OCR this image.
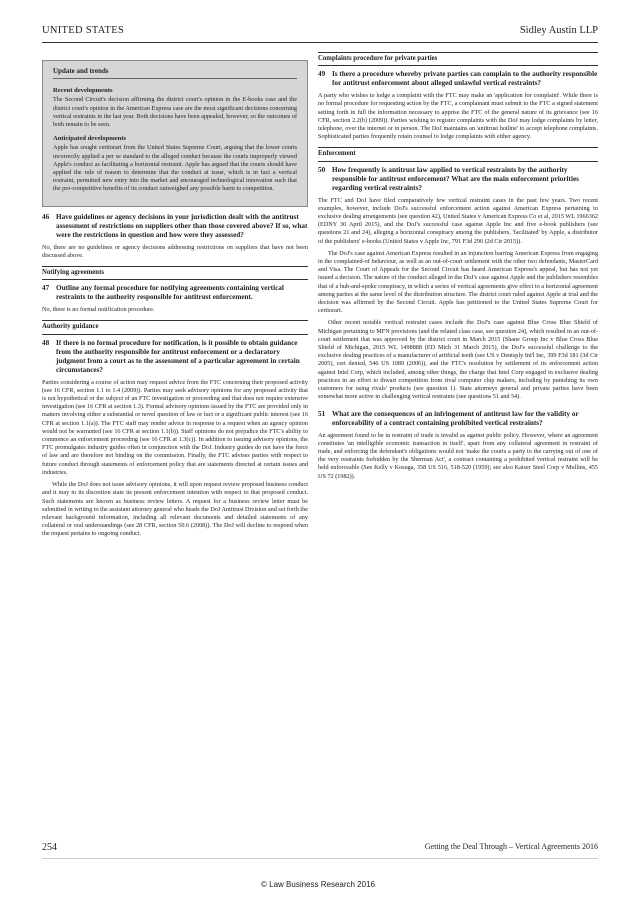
UNITED STATES	Sidley Austin LLP
Update and trends
Recent developments

The Second Circuit's decision affirming the district court's opinion in the E-books case and the district court's opinion in the American Express case are the most significant decisions concerning vertical restraints in the last year. Both decisions have been appealed, however, so the outcomes of both remain to be seen.

Anticipated developments

Apple has sought certiorari from the United States Supreme Court, arguing that the lower courts incorrectly applied a per se standard to the alleged conduct because the courts improperly viewed Apple's conduct as facilitating a horizontal restraint. Apple has argued that the courts should have applied the rule of reason to determine that the conduct at issue, which is in fact a vertical restraint, permitted new entry into the market and encouraged technological innovation such that the pro-competitive benefits of its conduct outweighed any possible harm to competition.

46 Have guidelines or agency decisions in your jurisdiction dealt with the antitrust assessment of restrictions on suppliers other than those covered above? If so, what were the restrictions in question and how were they assessed?

No, there are no guidelines or agency decisions addressing restrictions on suppliers that have not been discussed above.

Notifying agreements
47 Outline any formal procedure for notifying agreements containing vertical restraints to the authority responsible for antitrust enforcement.

No, there is no formal notification procedure.

Authority guidance
48 If there is no formal procedure for notification, is it possible to obtain guidance from the authority responsible for antitrust enforcement or a declaratory judgment from a court as to the assessment of a particular agreement in certain circumstances?

Parties considering a course of action may request advice from the FTC concerning their proposed activity (see 16 CFR, section 1.1 to 1.4 (2009)). Parties may seek advisory opinions for any proposed activity that is not hypothetical or the subject of an FTC investigation or proceeding and that does not require extensive investigation (see 16 CFR at section 1.3). Formal advisory opinions issued by the FTC are provided only in matters involving either a substantial or novel question of law or fact or a significant public interest (see 16 CFR at section 1.1(a)). The FTC staff may render advice in response to a request when an agency opinion would not be warranted (see 16 CFR at section 1.1(b)). Staff opinions do not prejudice the FTC's ability to commence an enforcement proceeding (see 16 CFR at 1.3(c)). In addition to issuing advisory opinions, the FTC promulgates industry guides often in conjunction with the DoJ. Industry guides do not have the force of law and are therefore not binding on the commission. Finally, the FTC advises parties with respect to future conduct through statements of enforcement policy that are statements directed at certain issues and industries.

While the DoJ does not issue advisory opinions, it will upon request review proposed business conduct and it may in its discretion state its present enforcement intention with respect to that proposed conduct. Such statements are known as business review letters. A request for a business review letter must be submitted in writing to the assistant attorney general who heads the DoJ Antitrust Division and set forth the relevant background information, including all relevant documents and detailed statements of any collateral or oral understandings (see 28 CFR, section 50.6 (2008)). The DoJ will decline to respond when the request pertains to ongoing conduct.

Complaints procedure for private parties
49 Is there a procedure whereby private parties can complain to the authority responsible for antitrust enforcement about alleged unlawful vertical restraints?

A party who wishes to lodge a complaint with the FTC may make an 'application for complaint'. While there is no formal procedure for requesting action by the FTC, a complainant must submit to the FTC a signed statement setting forth in full the information necessary to apprise the FTC of the general nature of its grievance (see 16 CFR, section 2.2(b) (2009)). Parties wishing to register complaints with the DoJ may lodge complaints by letter, telephone, over the internet or in person. The DoJ maintains an 'antitrust hotline' to accept telephone complaints. Sophisticated parties frequently retain counsel to lodge complaints with either agency.

Enforcement
50 How frequently is antitrust law applied to vertical restraints by the authority responsible for antitrust enforcement? What are the main enforcement priorities regarding vertical restraints?

The FTC and DoJ have filed comparatively few vertical restraint cases in the past few years. Two recent examples, however, include DoJ's successful enforcement action against American Express pertaining to exclusive dealing arrangements (see question 42), United States v American Express Co et al, 2015 WL 1966362 (EDNY 30 April 2015), and the DoJ's successful case against Apple Inc and five e-book publishers (see questions 21 and 24), alleging a horizontal conspiracy among the publishers, 'facilitated' by Apple, a distributor of the publishers' e-books (United States v Apple Inc, 791 F3d 290 (2d Cir 2015)).

The DoJ's case against American Express resulted in an injunction barring American Express from engaging in the complained-of behaviour, as well as an out-of-court settlement with the other two defendants, MasterCard and Visa. The Court of Appeals for the Second Circuit has heard American Express's appeal, but has not yet issued a decision. The nature of the conduct alleged in the DoJ's case against Apple and the publishers resembles that of a hub-and-spoke conspiracy, in which a series of vertical agreements give effect to a horizontal agreement among parties at the same level of the distribution structure. The district court ruled against Apple at trial and the decision was affirmed by the Second Circuit. Apple has petitioned to the United States Supreme Court for certiorari.

Other recent notable vertical restraint cases include the DoJ's case against Blue Cross Blue Shield of Michigan pertaining to MFN provisions (and the related class case, see question 24), which resulted in an out-of-court settlement that was approved by the district court in March 2015 (Shane Group Inc v Blue Cross Blue Shield of Michigan, 2015 WL 1498888 (ED Mich 31 March 2015), the DoJ's successful challenge to the exclusive dealing practices of a manufacturer of artificial teeth (see US v Dentsply Int'l Inc, 399 F3d 181 (3d Cir 2005), cert denied, 546 US 1089 (2006)), and the FTC's resolution by settlement of its enforcement action against Intel Corp, which included, among other things, the charge that Intel Corp engaged in exclusive dealing practices in an effort to thwart competition from rival computer chip makers, including by punishing its own customers for using rivals' products (see question 1). State attorneys general and private parties have been somewhat more active in challenging vertical restraints (see questions 51 and 54).

51 What are the consequences of an infringement of antitrust law for the validity or enforceability of a contract containing prohibited vertical restraints?

An agreement found to be in restraint of trade is invalid as against public policy. However, where an agreement constitutes 'an intelligible economic transaction in itself', apart from any collateral agreement in restraint of trade, and enforcing the defendant's obligations would not 'make the courts a party to the carrying out of one of the very restraints forbidden by the Sherman Act', a contract containing a prohibited vertical restraint will be held enforceable (See Kelly v Kosuga, 358 US 516, 518-520 (1959); see also Kaiser Steel Corp v Mullins, 455 US 72 (1982)).

254	Getting the Deal Through – Vertical Agreements 2016
© Law Business Research 2016
